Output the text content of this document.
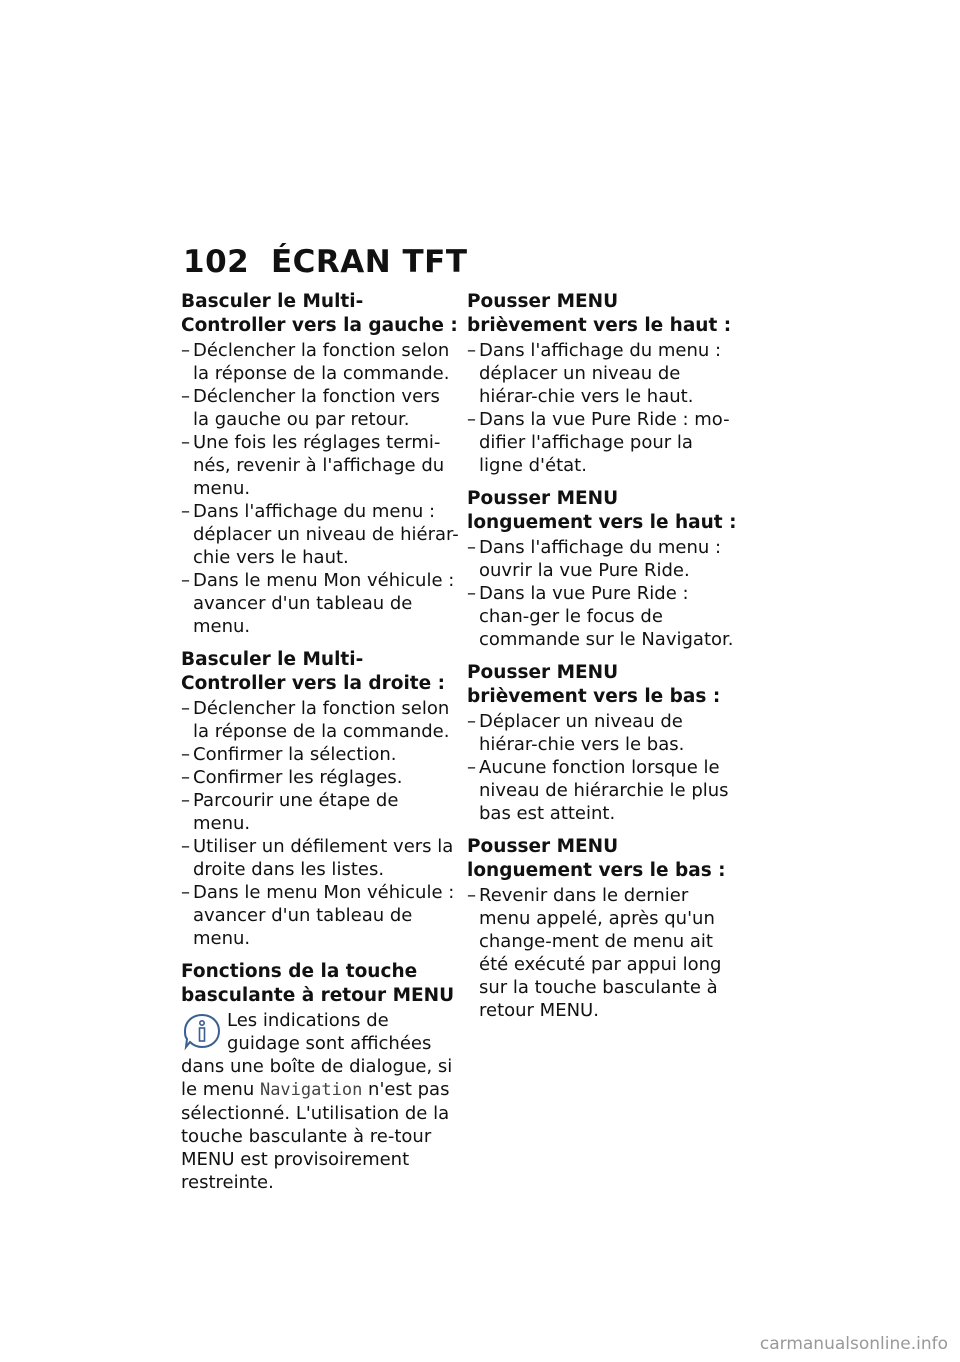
102 ÉCRAN TFT
Basculer le Multi-Controller vers la gauche :
– Déclencher la fonction selon la réponse de la commande.
– Déclencher la fonction vers la gauche ou par retour.
– Une fois les réglages termi-nés, revenir à l'affichage du menu.
– Dans l'affichage du menu : déplacer un niveau de hiérar-chie vers le haut.
– Dans le menu Mon véhicule : avancer d'un tableau de menu.
Basculer le Multi-Controller vers la droite :
– Déclencher la fonction selon la réponse de la commande.
– Confirmer la sélection.
– Confirmer les réglages.
– Parcourir une étape de menu.
– Utiliser un défilement vers la droite dans les listes.
– Dans le menu Mon véhicule : avancer d'un tableau de menu.
Fonctions de la touche basculante à retour MENU
Les indications de guidage sont affichées dans une boîte de dialogue, si le menu Navigation n'est pas sélectionné. L'utilisation de la touche basculante à re-tour MENU est provisoirement restreinte.
Pousser MENU brièvement vers le haut :
– Dans l'affichage du menu : déplacer un niveau de hiérar-chie vers le haut.
– Dans la vue Pure Ride : mo-difier l'affichage pour la ligne d'état.
Pousser MENU longuement vers le haut :
– Dans l'affichage du menu : ouvrir la vue Pure Ride.
– Dans la vue Pure Ride : chan-ger le focus de commande sur le Navigator.
Pousser MENU brièvement vers le bas :
– Déplacer un niveau de hiérar-chie vers le bas.
– Aucune fonction lorsque le niveau de hiérarchie le plus bas est atteint.
Pousser MENU longuement vers le bas :
– Revenir dans le dernier menu appelé, après qu'un change-ment de menu ait été exécuté par appui long sur la touche basculante à retour MENU.
carmanualsonline.info
